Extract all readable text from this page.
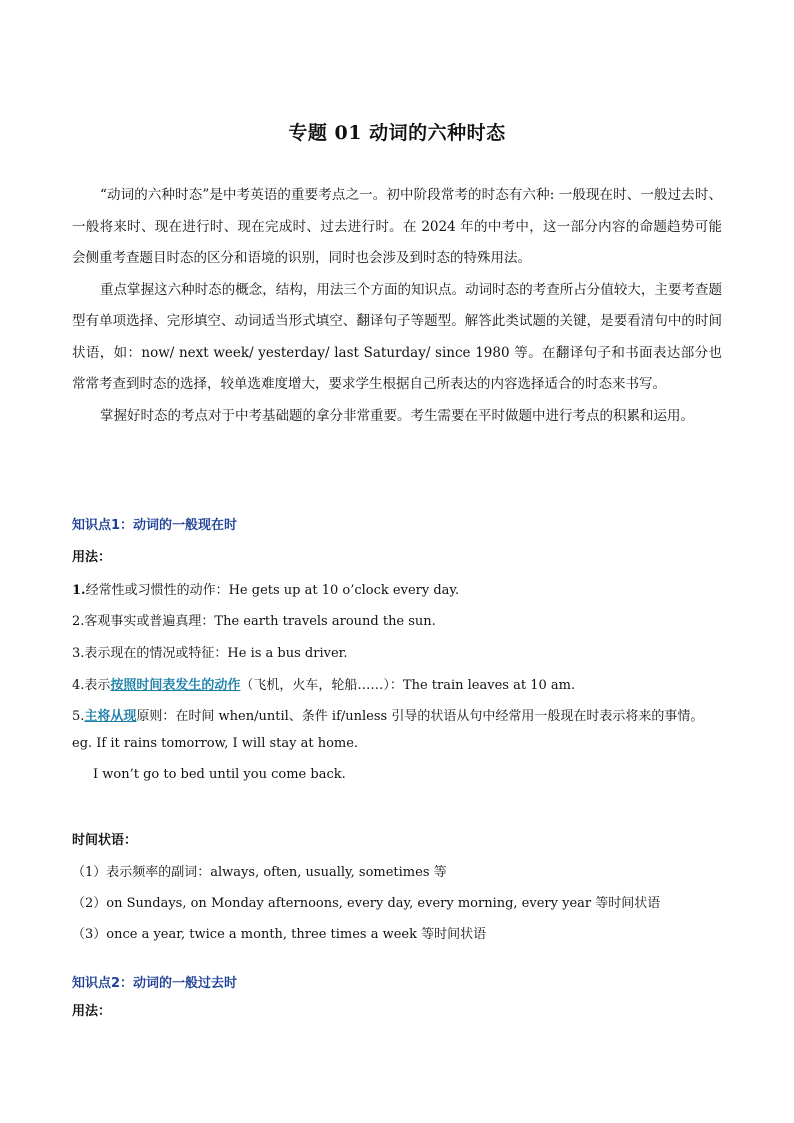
专题 01 动词的六种时态

“动词的六种时态”是中考英语的重要考点之一。初中阶段常考的时态有六种: 一般现在时、一般过去时、一般将来时、现在进行时、现在完成时、过去进行时。在 2024 年的中考中，这一部分内容的命题趋势可能会侧重考查题目时态的区分和语境的识别，同时也会涉及到时态的特殊用法。

重点掌握这六种时态的概念，结构，用法三个方面的知识点。动词时态的考查所占分值较大，主要考查题型有单项选择、完形填空、动词适当形式填空、翻译句子等题型。解答此类试题的关键，是要看清句中的时间状语，如：now/ next week/ yesterday/ last Saturday/ since 1980 等。在翻译句子和书面表达部分也常常考查到时态的选择，较单选难度增大，要求学生根据自己所表达的内容选择适合的时态来书写。

掌握好时态的考点对于中考基础题的拿分非常重要。考生需要在平时做题中进行考点的积累和运用。

知识点1：动词的一般现在时
用法：
1.经常性或习惯性的动作：He gets up at 10 o’clock every day.
2.客观事实或普遍真理：The earth travels around the sun.
3.表示现在的情况或特征：He is a bus driver.
4.表示按照时间表发生的动作（飞机，火车，轮船……）：The train leaves at 10 am.
5.主将从现原则：在时间 when/until、条件 if/unless 引导的状语从句中经常用一般现在时表示将来的事情。
eg. If it rains tomorrow, I will stay at home.
I won’t go to bed until you come back.
时间状语：
（1）表示频率的副词：always, often, usually, sometimes 等
（2）on Sundays, on Monday afternoons, every day, every morning, every year 等时间状语
（3）once a year, twice a month, three times a week 等时间状语
知识点2：动词的一般过去时
用法：
